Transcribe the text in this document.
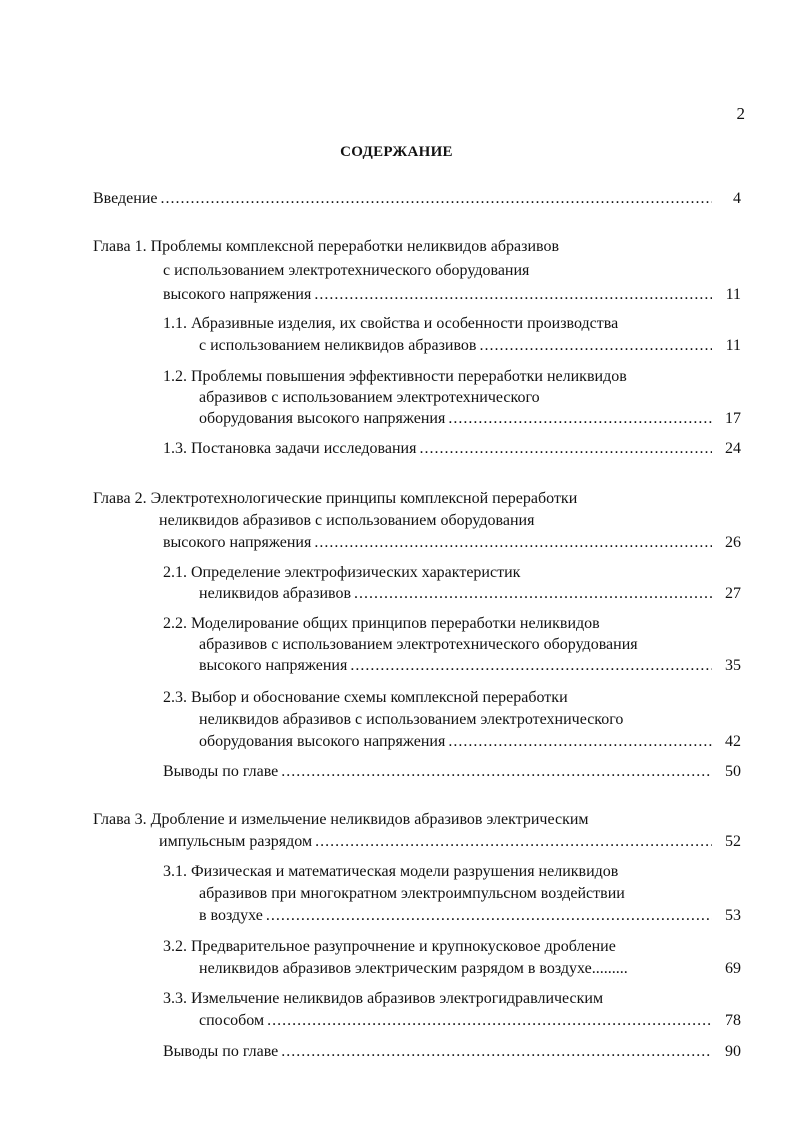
2
СОДЕРЖАНИЕ
Введение .....	4
Глава 1. Проблемы комплексной переработки неликвидов абразивов
с использованием электротехнического оборудования
высокого напряжения .....	11
1.1. Абразивные изделия, их свойства и особенности производства
с использованием неликвидов абразивов .....	11
1.2. Проблемы повышения эффективности переработки неликвидов
абразивов с использованием электротехнического
оборудования высокого напряжения .....	17
1.3. Постановка задачи исследования .....	24
Глава 2. Электротехнологические принципы комплексной переработки
неликвидов абразивов с использованием оборудования
высокого напряжения .....	26
2.1. Определение электрофизических характеристик
неликвидов абразивов .....	27
2.2. Моделирование общих принципов переработки неликвидов
абразивов с использованием электротехнического оборудования
высокого напряжения .....	35
2.3. Выбор и обоснование схемы комплексной переработки
неликвидов абразивов с использованием электротехнического
оборудования высокого напряжения .....	42
Выводы по главе .....	50
Глава 3. Дробление и измельчение неликвидов абразивов электрическим
импульсным разрядом .....	52
3.1. Физическая и математическая модели разрушения неликвидов
абразивов при многократном электроимпульсном воздействии
в воздухе .....	53
3.2. Предварительное разупрочнение и крупнокусковое дробление
неликвидов абразивов электрическим разрядом в воздухе.........	69
3.3. Измельчение неликвидов абразивов электрогидравлическим
способом .....	78
Выводы по главе .....	90
